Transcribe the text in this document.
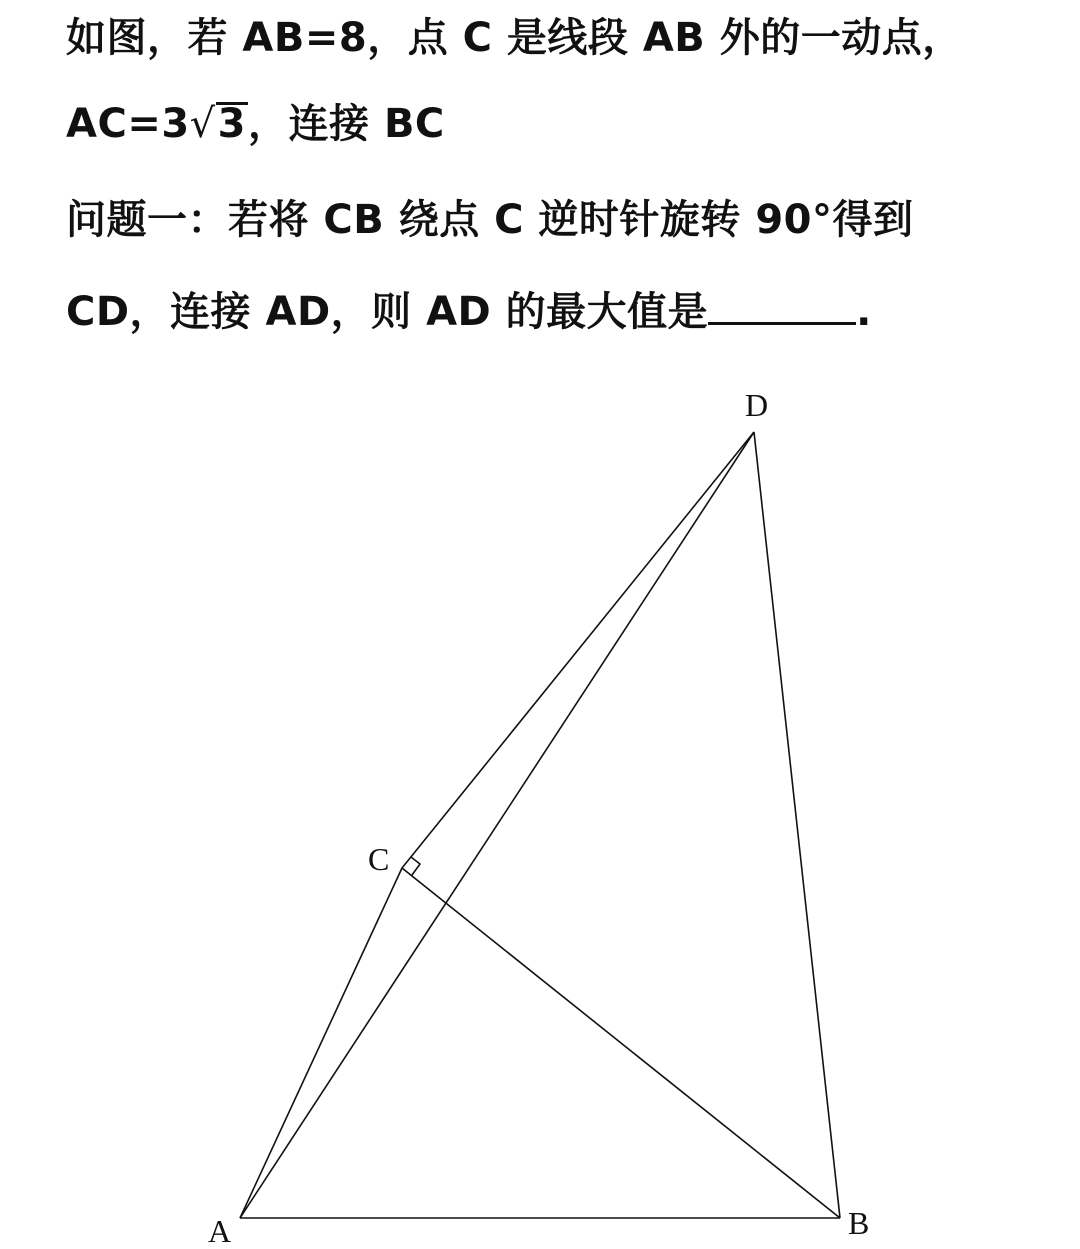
如图，若 AB=8，点 C 是线段 AB 外的一动点，
AC=3√3，连接 BC
问题一：若将 CB 绕点 C 逆时针旋转 90°得到
CD，连接 AD，则 AD 的最大值是	.
D
C
A	B
